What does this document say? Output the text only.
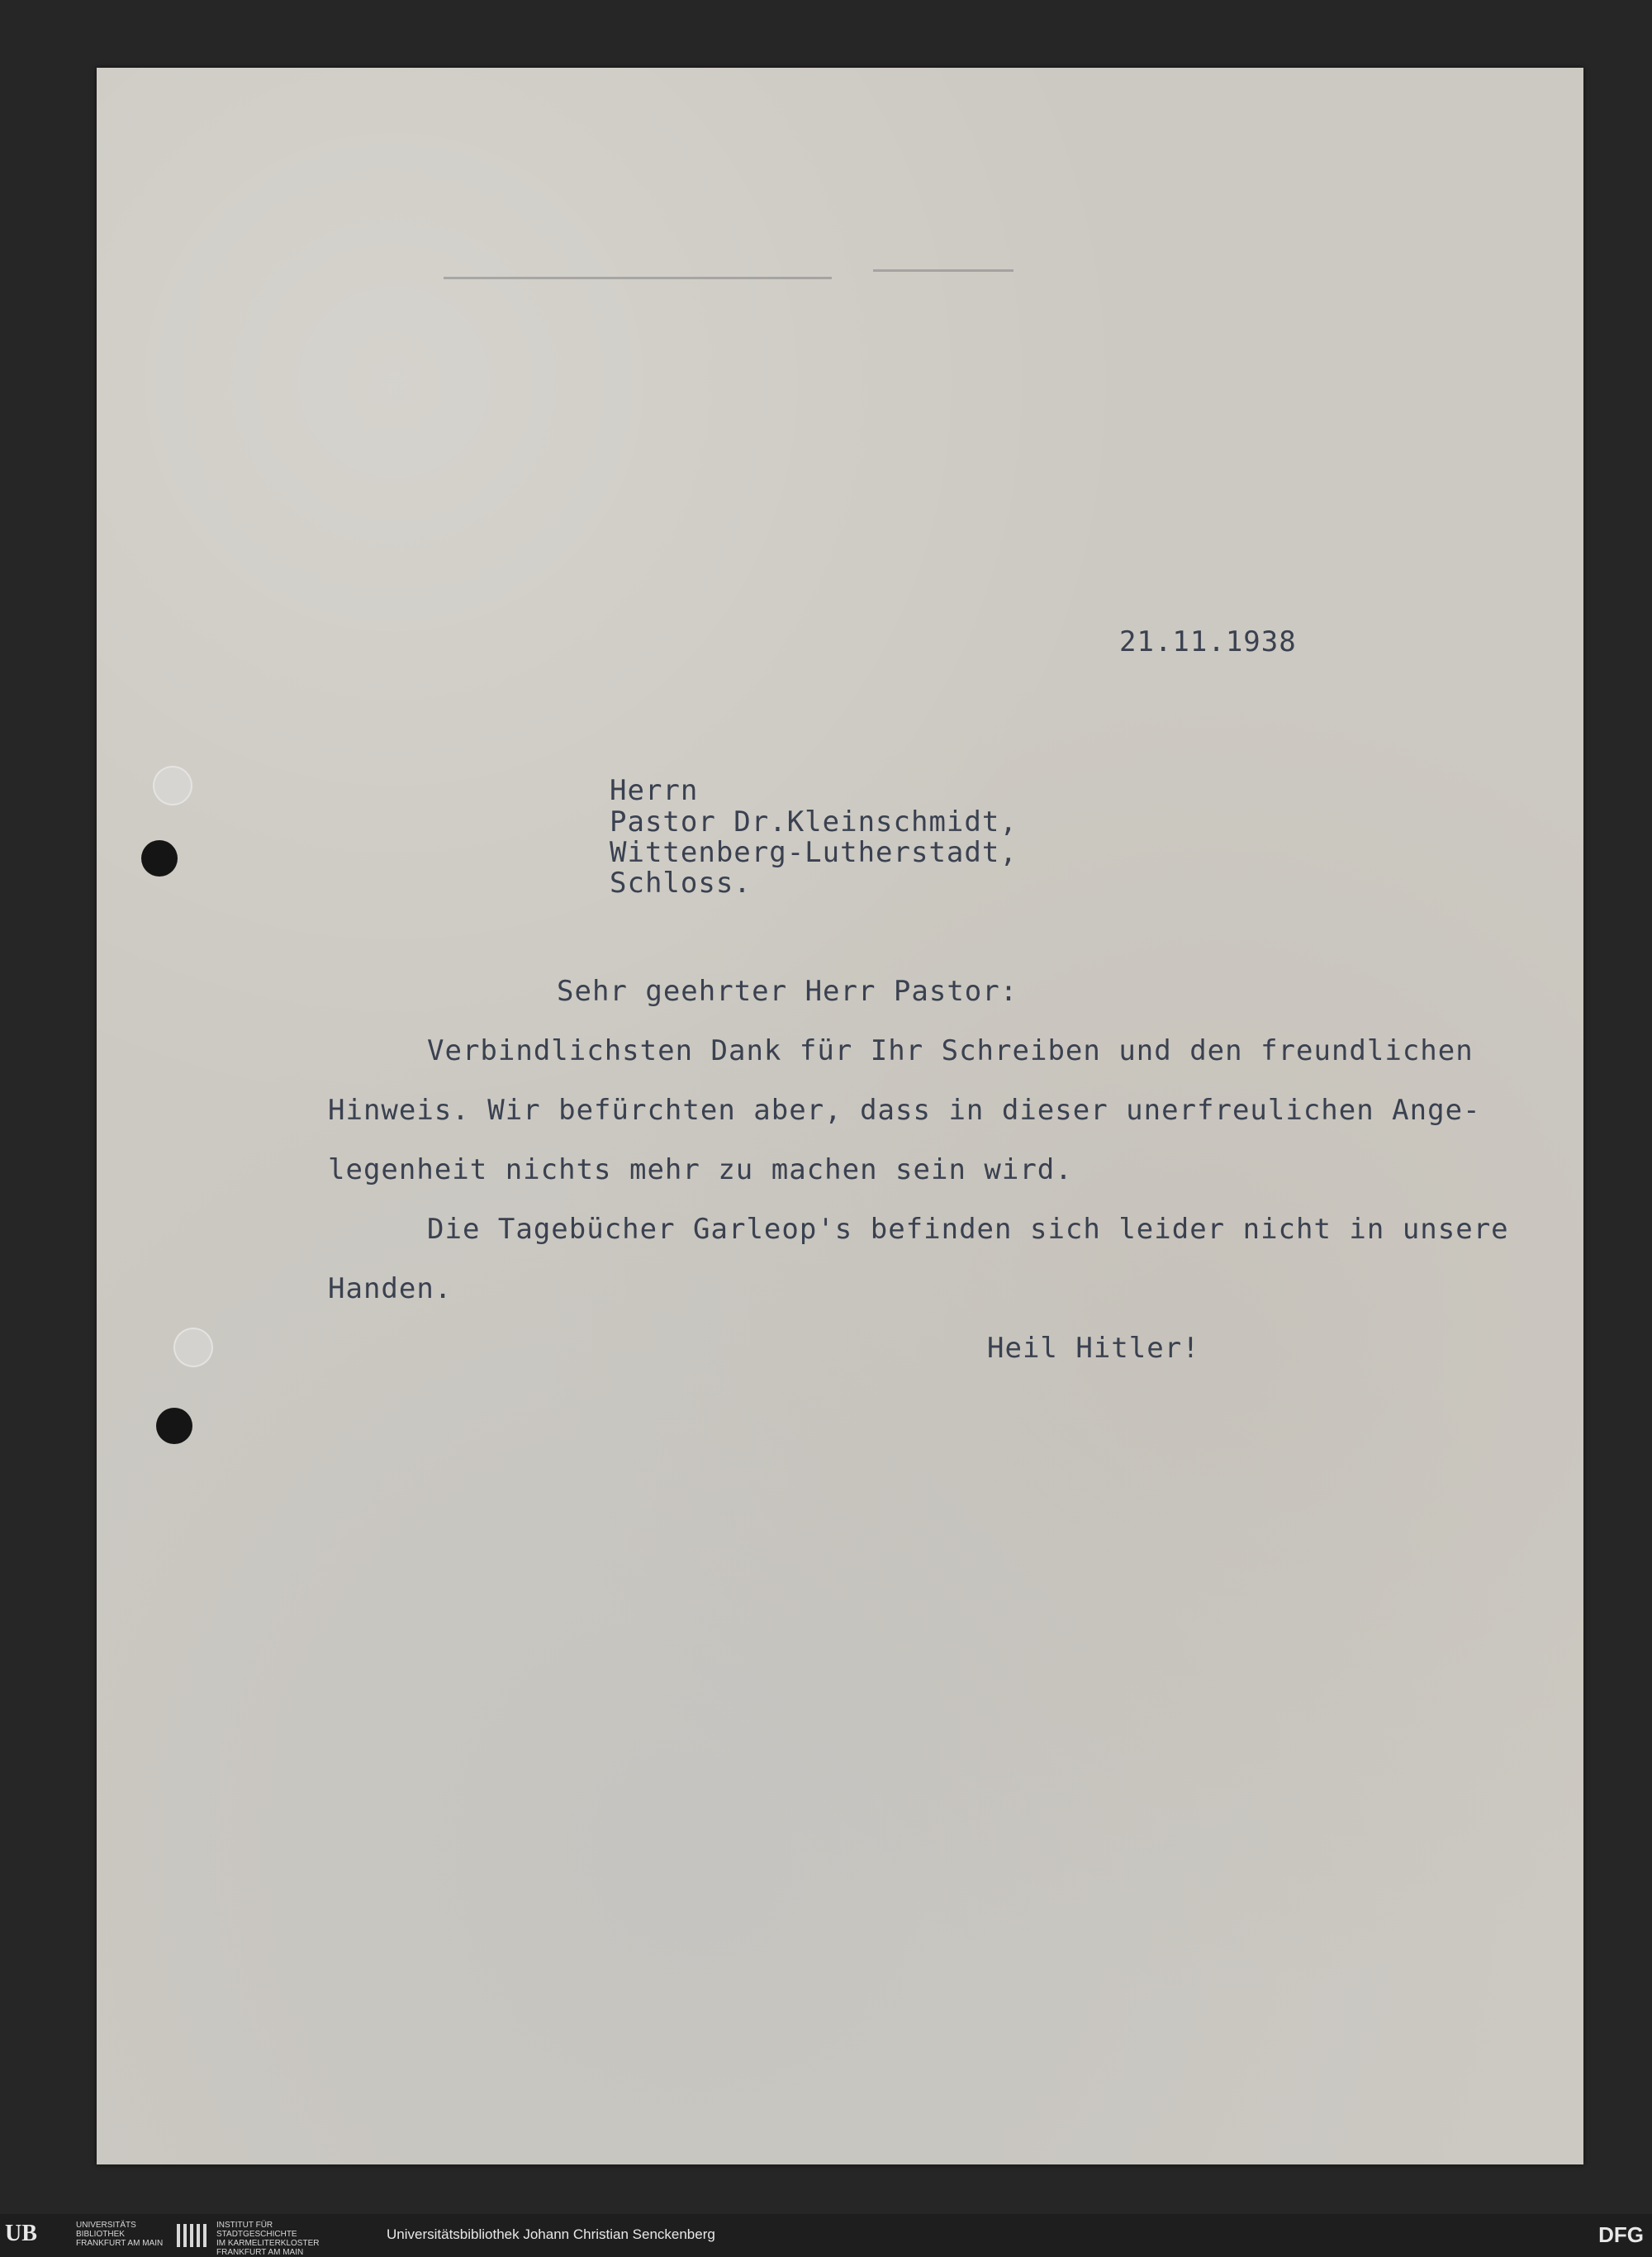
21.11.1938
Herrn
Pastor Dr.Kleinschmidt,
Wittenberg-Lutherstadt,
Schloss.
Sehr geehrter Herr Pastor:
Verbindlichsten Dank für Ihr Schreiben und den freundlichen
Hinweis. Wir befürchten aber, dass in dieser unerfreulichen Ange-
legenheit nichts mehr zu machen sein wird.
Die Tagebücher Garleop's befinden sich leider nicht in unsere
Handen.
Heil Hitler!
UB	UNIVERSITÄTS
BIBLIOTHEK
FRANKFURT AM MAIN
INSTITUT FÜR
STADTGESCHICHTE
IM KARMELITERKLOSTER
FRANKFURT AM MAIN
Universitätsbibliothek Johann Christian Senckenberg	DFG
